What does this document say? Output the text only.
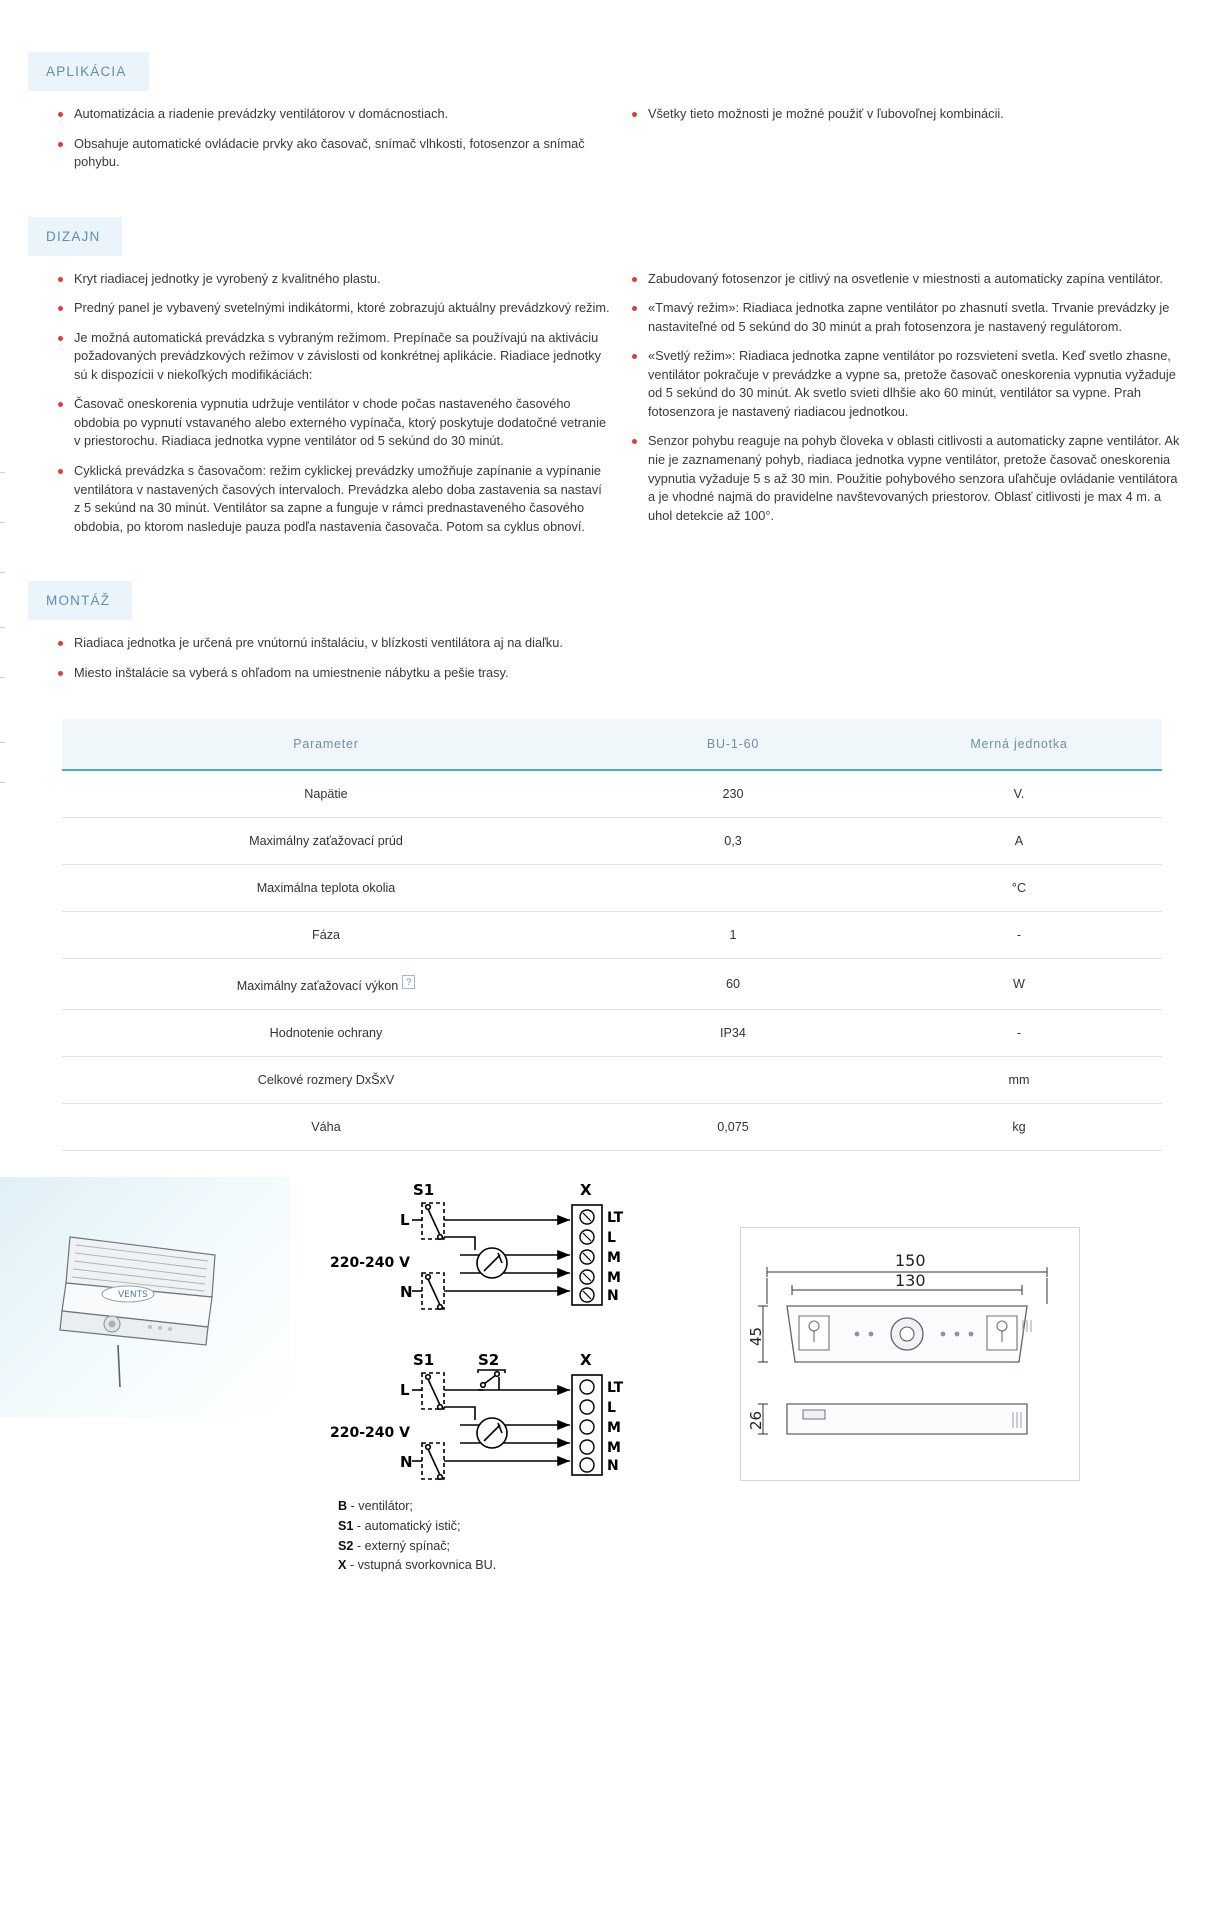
APLIKÁCIA
Automatizácia a riadenie prevádzky ventilátorov v domácnostiach.
Obsahuje automatické ovládacie prvky ako časovač, snímač vlhkosti, fotosenzor a snímač pohybu.
Všetky tieto možnosti je možné použiť v ľubovoľnej kombinácii.
DIZAJN
Kryt riadiacej jednotky je vyrobený z kvalitného plastu.
Predný panel je vybavený svetelnými indikátormi, ktoré zobrazujú aktuálny prevádzkový režim.
Je možná automatická prevádzka s vybraným režimom. Prepínače sa používajú na aktiváciu požadovaných prevádzkových režimov v závislosti od konkrétnej aplikácie. Riadiace jednotky sú k dispozícii v niekoľkých modifikáciách:
Časovač oneskorenia vypnutia udržuje ventilátor v chode počas nastaveného časového obdobia po vypnutí vstavaného alebo externého vypínača, ktorý poskytuje dodatočné vetranie v priestorochu. Riadiaca jednotka vypne ventilátor od 5 sekúnd do 30 minút.
Cyklická prevádzka s časovačom: režim cyklickej prevádzky umožňuje zapínanie a vypínanie ventilátora v nastavených časových intervaloch. Prevádzka alebo doba zastavenia sa nastaví z 5 sekúnd na 30 minút. Ventilátor sa zapne a funguje v rámci prednastaveného časového obdobia, po ktorom nasleduje pauza podľa nastavenia časovača. Potom sa cyklus obnoví.
Zabudovaný fotosenzor je citlivý na osvetlenie v miestnosti a automaticky zapína ventilátor.
«Tmavý režim»: Riadiaca jednotka zapne ventilátor po zhasnutí svetla. Trvanie prevádzky je nastaviteľné od 5 sekúnd do 30 minút a prah fotosenzora je nastavený regulátorom.
«Svetlý režim»: Riadiaca jednotka zapne ventilátor po rozsvietení svetla. Keď svetlo zhasne, ventilátor pokračuje v prevádzke a vypne sa, pretože časovač oneskorenia vypnutia vyžaduje od 5 sekúnd do 30 minút. Ak svetlo svieti dlhšie ako 60 minút, ventilátor sa vypne. Prah fotosenzora je nastavený riadiacou jednotkou.
Senzor pohybu reaguje na pohyb človeka v oblasti citlivosti a automaticky zapne ventilátor. Ak nie je zaznamenaný pohyb, riadiaca jednotka vypne ventilátor, pretože časovač oneskorenia vypnutia vyžaduje 5 s až 30 min. Použitie pohybového senzora uľahčuje ovládanie ventilátora a je vhodné najmä do pravidelne navštevovaných priestorov. Oblasť citlivosti je max 4 m. a uhol detekcie až 100°.
MONTÁŽ
Riadiaca jednotka je určená pre vnútornú inštaláciu, v blízkosti ventilátora aj na diaľku.
Miesto inštalácie sa vyberá s ohľadom na umiestnenie nábytku a pešie trasy.
Parameter	BU-1-60	Merná jednotka
Napätie	230	V.
Maximálny zaťažovací prúd	0,3	A
Maximálna teplota okolia		°C
Fáza	1	-
Maximálny zaťažovací výkon ?	60	W
Hodnotenie ochrany	IP34	-
Celkové rozmery DxŠxV		mm
Váha	0,075	kg
VENTS
L
220-240 V
N
S1	X
LT
L
M
M
N
L
220-240 V
N
S1	S2	X
LT
L
M
M
N
150
130
45
26
B - ventilátor;
S1 - automatický istič;
S2 - externý spínač;
X - vstupná svorkovnica BU.
